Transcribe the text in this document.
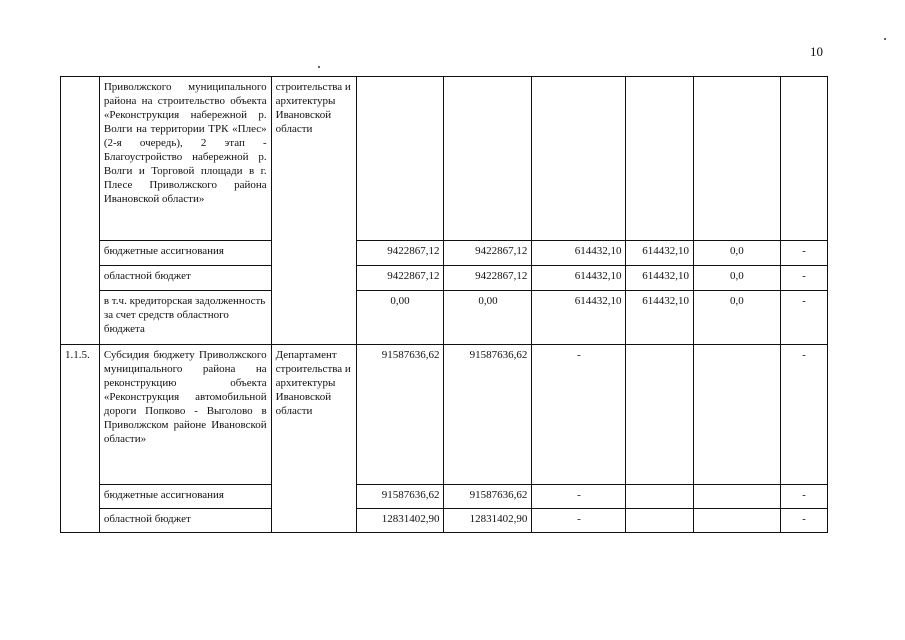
10
	Приволжского муниципального района на строительство объекта «Реконструкция набережной р. Волги на территории ТРК «Плес» (2-я очередь), 2 этап - Благоустройство набережной р. Волги и Торговой площади в г. Плесе Приволжского района Ивановской области»	строительства и архитектуры Ивановской области						
	бюджетные ассигнования		9422867,12	9422867,12	614432,10	614432,10	0,0	-
	областной бюджет		9422867,12	9422867,12	614432,10	614432,10	0,0	-
	в т.ч. кредиторская задолженность за счет средств областного бюджета		0,00	0,00	614432,10	614432,10	0,0	-
1.1.5.	Субсидия бюджету Приволжского муниципального района на реконструкцию объекта «Реконструкция автомобильной дороги Попково - Выголово в Приволжском районе Ивановской области»	Департамент строительства и архитектуры Ивановской области	91587636,62	91587636,62	-			-
	бюджетные ассигнования		91587636,62	91587636,62	-			-
	областной бюджет		12831402,90	12831402,90	-			-
